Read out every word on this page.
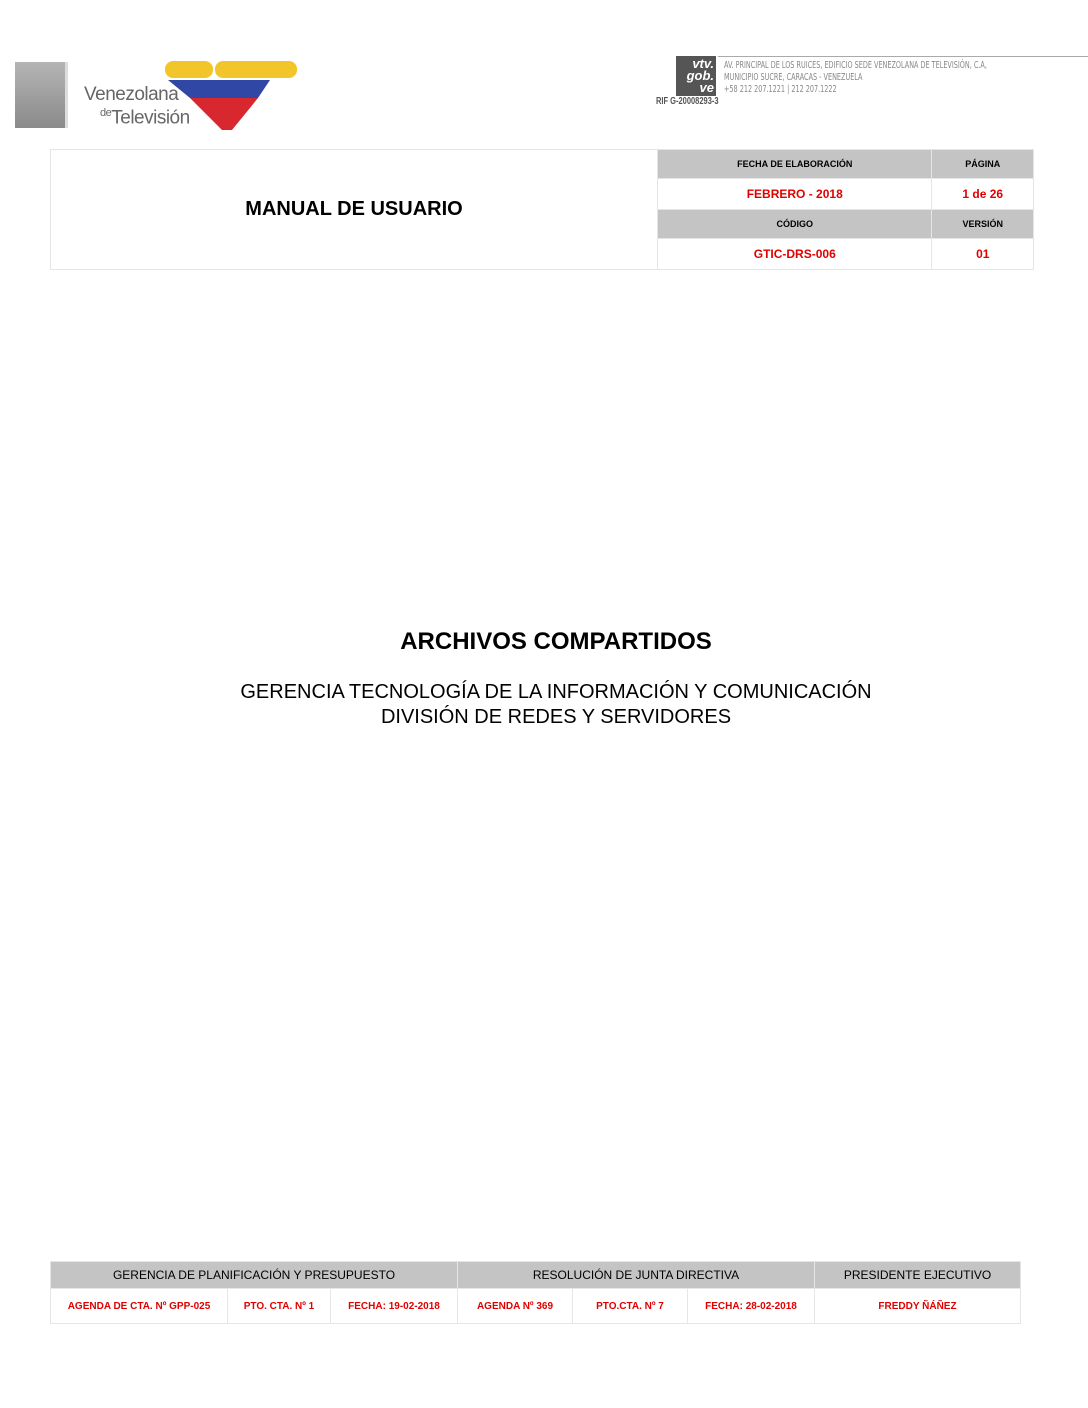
Venezolana
$^{de}$Televisión
vtv.
gob.
ve
AV. PRINCIPAL DE LOS RUICES, EDIFICIO SEDE VENEZOLANA DE TELEVISIÓN, C.A,
MUNICIPIO SUCRE, CARACAS - VENEZUELA
+58 212 207.1221 | 212 207.1222
RIF G-20008293-3
MANUAL DE USUARIO	FECHA DE ELABORACIÓN	PÁGINA
	FEBRERO - 2018	1 de 26
	CÓDIGO	VERSIÓN
	GTIC-DRS-006	01
ARCHIVOS COMPARTIDOS
GERENCIA TECNOLOGÍA DE LA INFORMACIÓN Y COMUNICACIÓN
DIVISIÓN DE REDES Y SERVIDORES
GERENCIA DE PLANIFICACIÓN Y PRESUPUESTO			RESOLUCIÓN DE JUNTA DIRECTIVA			PRESIDENTE EJECUTIVO
AGENDA DE CTA. Nº GPP-025	PTO. CTA. Nº 1	FECHA: 19-02-2018	AGENDA Nº 369	PTO.CTA. Nº 7	FECHA: 28-02-2018	FREDDY ÑÁÑEZ
